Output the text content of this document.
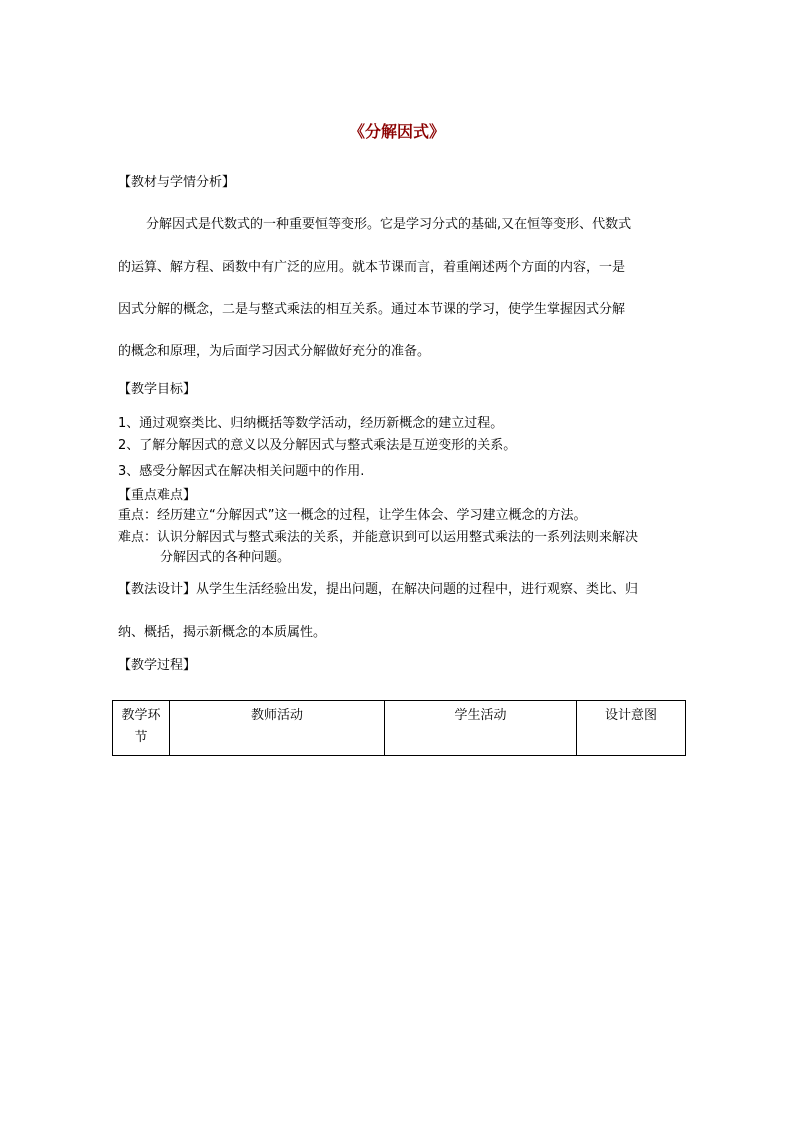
《分解因式》
【教材与学情分析】
分解因式是代数式的一种重要恒等变形。它是学习分式的基础,又在恒等变形、代数式
的运算、解方程、函数中有广泛的应用。就本节课而言，着重阐述两个方面的内容，一是
因式分解的概念，二是与整式乘法的相互关系。通过本节课的学习，使学生掌握因式分解
的概念和原理，为后面学习因式分解做好充分的准备。
【教学目标】
1、通过观察类比、归纳概括等数学活动，经历新概念的建立过程。
2、了解分解因式的意义以及分解因式与整式乘法是互逆变形的关系。
3、感受分解因式在解决相关问题中的作用.
【重点难点】
重点：经历建立“分解因式”这一概念的过程，让学生体会、学习建立概念的方法。
难点：认识分解因式与整式乘法的关系，并能意识到可以运用整式乘法的一系列法则来解决
分解因式的各种问题。
【教法设计】从学生生活经验出发，提出问题，在解决问题的过程中，进行观察、类比、归
纳、概括，揭示新概念的本质属性。
【教学过程】
教学环节	教师活动	学生活动	设计意图
